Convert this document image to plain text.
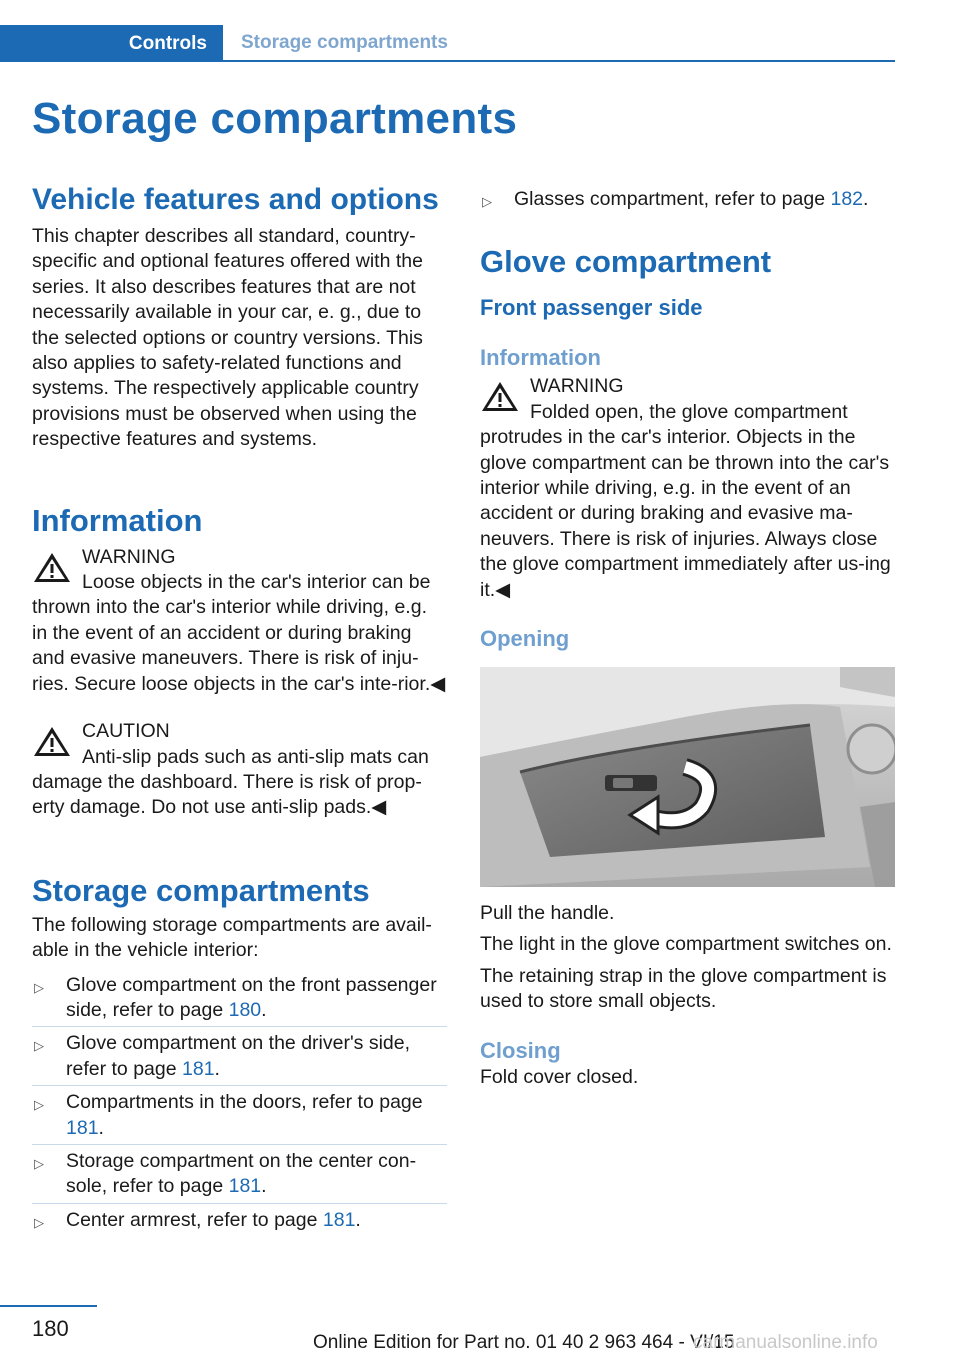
Controls	Storage compartments
Storage compartments
Vehicle features and options

This chapter describes all standard, country-specific and optional features offered with the series. It also describes features that are not necessarily available in your car, e. g., due to the selected options or country versions. This also applies to safety-related functions and systems. The respectively applicable country provisions must be observed when using the respective features and systems.

Information
WARNING
Loose objects in the car's interior can be thrown into the car's interior while driving, e.g. in the event of an accident or during braking and evasive maneuvers. There is risk of inju‐ries. Secure loose objects in the car's inte‐rior.◀
CAUTION
Anti-slip pads such as anti-slip mats can damage the dashboard. There is risk of prop‐erty damage. Do not use anti-slip pads.◀
Storage compartments

The following storage compartments are avail‐able in the vehicle interior:

▷ Glove compartment on the front passenger side, refer to page 180.
▷ Glove compartment on the driver's side, refer to page 181.
▷ Compartments in the doors, refer to page 181.
▷ Storage compartment on the center con‐sole, refer to page 181.
▷ Center armrest, refer to page 181.
▷ Glasses compartment, refer to page 182.
Glove compartment
Front passenger side
Information
WARNING
Folded open, the glove compartment protrudes in the car's interior. Objects in the glove compartment can be thrown into the car's interior while driving, e.g. in the event of an accident or during braking and evasive ma‐neuvers. There is risk of injuries. Always close the glove compartment immediately after us‐ing it.◀
Opening

Pull the handle.

The light in the glove compartment switches on.

The retaining strap in the glove compartment is used to store small objects.

Closing

Fold cover closed.

180
Online Edition for Part no. 01 40 2 963 464 - VI/15
carmanualsonline.info
